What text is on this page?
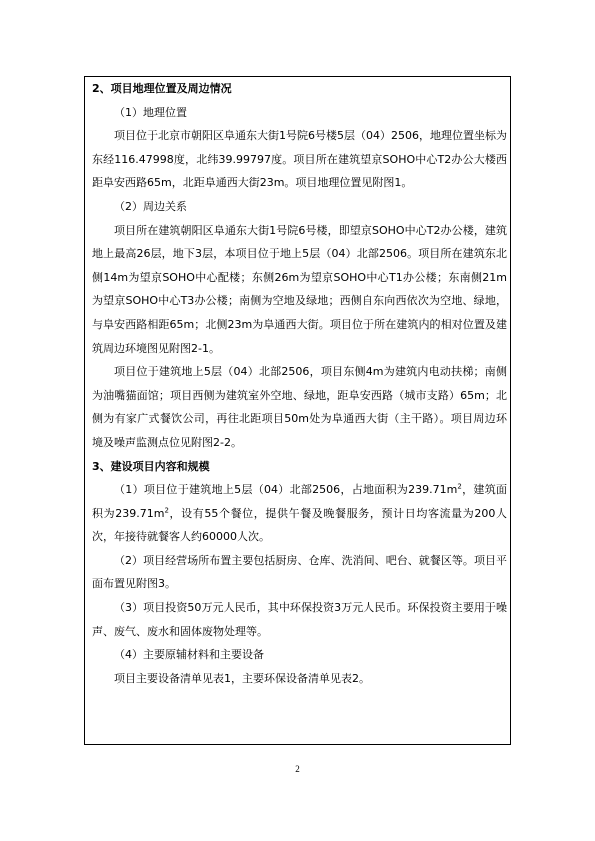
2、项目地理位置及周边情况

（1）地理位置

项目位于北京市朝阳区阜通东大街1号院6号楼5层（04）2506，地理位置坐标为东经116.47998度，北纬39.99797度。项目所在建筑望京SOHO中心T2办公大楼西距阜安西路65m，北距阜通西大街23m。项目地理位置见附图1。

（2）周边关系

项目所在建筑朝阳区阜通东大街1号院6号楼，即望京SOHO中心T2办公楼，建筑地上最高26层，地下3层，本项目位于地上5层（04）北部2506。项目所在建筑东北侧14m为望京SOHO中心配楼；东侧26m为望京SOHO中心T1办公楼；东南侧21m为望京SOHO中心T3办公楼；南侧为空地及绿地；西侧自东向西依次为空地、绿地，与阜安西路相距65m；北侧23m为阜通西大街。项目位于所在建筑内的相对位置及建筑周边环境图见附图2-1。

项目位于建筑地上5层（04）北部2506，项目东侧4m为建筑内电动扶梯；南侧为油嘴猫面馆；项目西侧为建筑室外空地、绿地，距阜安西路（城市支路）65m；北侧为有家广式餐饮公司，再往北距项目50m处为阜通西大街（主干路）。项目周边环境及噪声监测点位见附图2-2。

3、建设项目内容和规模

（1）项目位于建筑地上5层（04）北部2506，占地面积为$239.71m^2$，建筑面积为$239.71m^2$，设有55个餐位，提供午餐及晚餐服务，预计日均客流量为200人次，年接待就餐客人约60000人次。

（2）项目经营场所布置主要包括厨房、仓库、洗消间、吧台、就餐区等。项目平面布置见附图3。

（3）项目投资50万元人民币，其中环保投资3万元人民币。环保投资主要用于噪声、废气、废水和固体废物处理等。

（4）主要原辅材料和主要设备

项目主要设备清单见表1，主要环保设备清单见表2。

2
